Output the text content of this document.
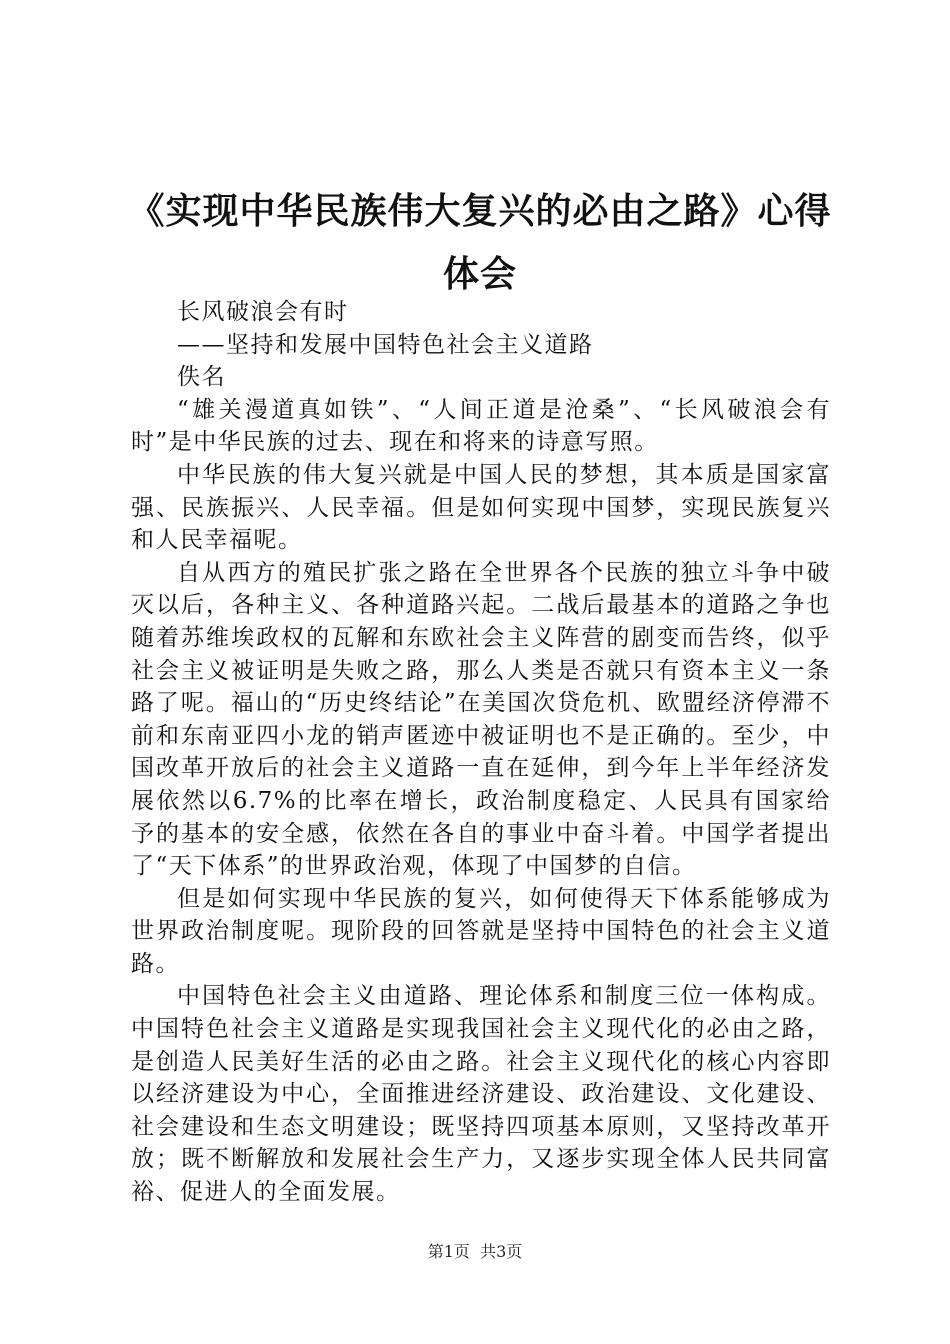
《实现中华民族伟大复兴的必由之路》心得体会

长风破浪会有时

——坚持和发展中国特色社会主义道路

佚名

“雄关漫道真如铁”、“人间正道是沧桑”、“长风破浪会有时”是中华民族的过去、现在和将来的诗意写照。

中华民族的伟大复兴就是中国人民的梦想，其本质是国家富强、民族振兴、人民幸福。但是如何实现中国梦，实现民族复兴和人民幸福呢。

自从西方的殖民扩张之路在全世界各个民族的独立斗争中破灭以后，各种主义、各种道路兴起。二战后最基本的道路之争也随着苏维埃政权的瓦解和东欧社会主义阵营的剧变而告终，似乎社会主义被证明是失败之路，那么人类是否就只有资本主义一条路了呢。福山的“历史终结论”在美国次贷危机、欧盟经济停滞不前和东南亚四小龙的销声匿迹中被证明也不是正确的。至少，中国改革开放后的社会主义道路一直在延伸，到今年上半年经济发展依然以6.7%的比率在增长，政治制度稳定、人民具有国家给予的基本的安全感，依然在各自的事业中奋斗着。中国学者提出了“天下体系”的世界政治观，体现了中国梦的自信。

但是如何实现中华民族的复兴，如何使得天下体系能够成为世界政治制度呢。现阶段的回答就是坚持中国特色的社会主义道路。

中国特色社会主义由道路、理论体系和制度三位一体构成。中国特色社会主义道路是实现我国社会主义现代化的必由之路，是创造人民美好生活的必由之路。社会主义现代化的核心内容即以经济建设为中心，全面推进经济建设、政治建设、文化建设、社会建设和生态文明建设；既坚持四项基本原则，又坚持改革开放；既不断解放和发展社会生产力，又逐步实现全体人民共同富裕、促进人的全面发展。

第1页  共3页
